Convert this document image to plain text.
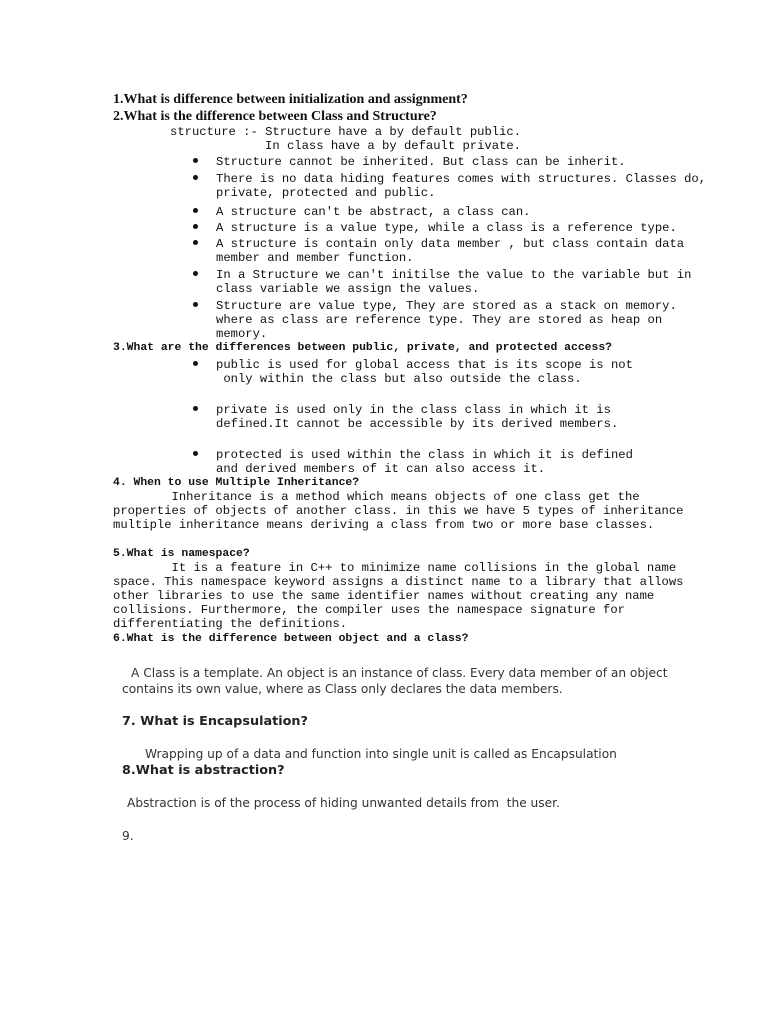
1.What is difference between initialization and assignment?
2.What is the difference between Class and Structure?
structure :- Structure have a by default public.
In class have a by default private.
Structure cannot be inherited. But class can be inherit.
There is no data hiding features comes with structures. Classes do,
private, protected and public.
A structure can't be abstract, a class can.
A structure is a value type, while a class is a reference type.
A structure is contain only data member , but class contain data
member and member function.
In a Structure we can't initilse the value to the variable but in
class variable we assign the values.
Structure are value type, They are stored as a stack on memory.
where as class are reference type. They are stored as heap on
memory.
3.What are the differences between public, private, and protected access?
public is used for global access that is its scope is not
only within the class but also outside the class.
private is used only in the class class in which it is
defined.It cannot be accessible by its derived members.
protected is used within the class in which it is defined
and derived members of it can also access it.
4. When to use Multiple Inheritance?
Inheritance is a method which means objects of one class get the
properties of objects of another class. in this we have 5 types of inheritance
multiple inheritance means deriving a class from two or more base classes.
5.What is namespace?
It is a feature in C++ to minimize name collisions in the global name
space. This namespace keyword assigns a distinct name to a library that allows
other libraries to use the same identifier names without creating any name
collisions. Furthermore, the compiler uses the namespace signature for
differentiating the definitions.
6.What is the difference between object and a class?
A Class is a template. An object is an instance of class. Every data member of an object
contains its own value, where as Class only declares the data members.
7. What is Encapsulation?
Wrapping up of a data and function into single unit is called as Encapsulation
8.What is abstraction?
Abstraction is of the process of hiding unwanted details from  the user.
9.
